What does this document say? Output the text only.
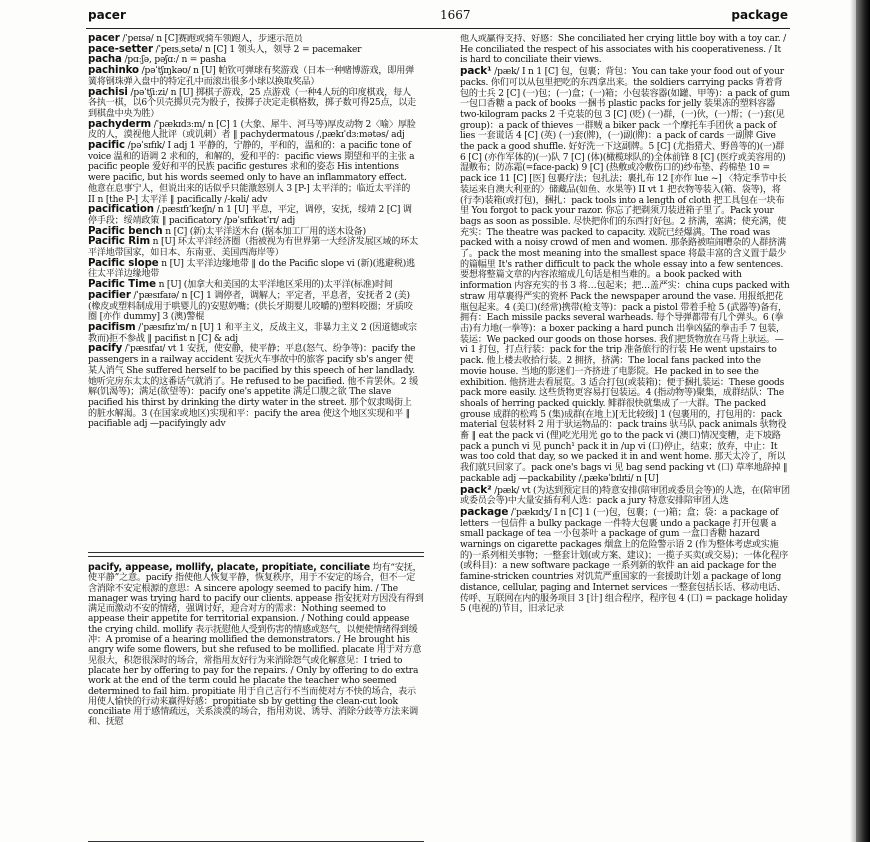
pacer	1667	package

pacer /ˈpeɪsə/ n [C]赛跑或骑车领跑人，步速示范员

pace-setter /ˈpeɪsˌsetə/ n [C] 1 领头人，领导 2 = pacemaker

pacha /pɑːʃə, pəʃɑː/ n = pasha

pachinko /pəˈtʃɪŋkəʊ/ n [U] 帕钦可弹球有奖游戏（日本一种赌博游戏，即用弹簧将钢珠弹入盘中的特定孔中而滚出很多小球以换取奖品）

pachisi /pəˈtʃiːzi/ n [U] 掷棋子游戏，25 点游戏（一种4人玩的印度棋戏，每人各执一棋，以6个贝壳掷贝壳为骰子，按掷子决定走棋格数，掷子数可得25点，以走到棋盘中央为胜）

pachyderm /ˈpækɪdɜːm/ n [C] 1 (大象、犀牛、河马等)厚皮动物 2〈喻〉厚脸皮的人，漠视他人批评（或讥刺）者 ‖ pachydermatous /ˌpækɪˈdɜːmətəs/ adj

pacific /pəˈsɪfɪk/ I adj 1 平静的，宁静的，平和的，温和的：a pacific tone of voice 温和的语调 2 求和的，和解的，爱和平的：pacific views 期望和平的主张 a pacific people 爱好和平的民族 pacific gestures 求和的姿态 His intentions were pacific, but his words seemed only to have an inflammatory effect. 他意在息事宁人，但说出来的话似乎只能激怒别人 3 [P-] 太平洋的；临近太平洋的 II n [the P-] 太平洋 ‖ pacifically /-kəli/ adv

pacification /ˌpæsɪfɪˈkeɪʃn/ n 1 [U] 平息，平定，调停，安抚，绥靖 2 [C] 调停手段；绥靖政策 ‖ pacificatory /pəˈsɪfɪkətˈrɪ/ adj

Pacific bench n [C] (新)太平洋送木台 (据本加工厂用的送木设备)

Pacific Rim n [U] 环太平洋经济圈（指被视为有世界第一大经济发展区域的环太平洋地带国家，如日本、东南亚、美国西海岸等）

Pacific slope n [U] 太平洋边缘地带 ‖ do the Pacific slope vi (新)(逃避税)逃往太平洋边缘地带

Pacific Time n [U] (加拿大和美国的太平洋地区采用的)太平洋(标准)时间

pacifier /ˈpæsɪfaɪə/ n [C] 1 调停者，调解人；平定者，平息者，安抚者 2 (美)(橡皮或塑料制成用于哄婴儿的)安慰奶嘴；(供长牙期婴儿咬嚼的)塑料咬圈；牙质咬圈 [亦作 dummy] 3 (澳)警棍

pacifism /ˈpæsɪfɪzˈm/ n [U] 1 和平主义，反战主义，非暴力主义 2 (因道德或宗教而)拒不参战 ‖ pacifist n [C] & adj

pacify /ˈpæsɪfaɪ/ vt 1 安抚，使安静，使平静；平息(怒气、纷争等)：pacify the passengers in a railway accident 安抚火车事故中的旅客 pacify sb's anger 使某人消气 She suffered herself to be pacified by this speech of her landlady. 她听完房东太太的这番话气就消了。He refused to be pacified. 他不肯罢休。2 缓解(饥渴等)；满足(欲望等)：pacify one's appetite 满足口腹之欲 The slave pacified his thirst by drinking the dirty water in the street. 那个奴隶喝街上的脏水解渴。3 (在国家或地区)实现和平：pacify the area 使这个地区实现和平 ‖ pacifiable adj —pacifyingly adv

pacify, appease, mollify, placate, propitiate, conciliate 均有“安抚，使平静”之意。pacify 指使他人恢复平静，恢复秩序，用于不安定的场合，但不一定含消除不安定根源的意思：A sincere apology seemed to pacify him. / The manager was trying hard to pacify our clients. appease 指安抚对方因没有得到满足而激动不安的情绪，强调讨好，迎合对方的需求：Nothing seemed to appease their appetite for territorial expansion. / Nothing could appease the crying child. mollify 表示抚慰他人受到伤害的情感或怒气，以便使情绪得到缓冲：A promise of a hearing mollified the demonstrators. / He brought his angry wife some flowers, but she refused to be mollified. placate 用于对方意见很大，积怨很深时的场合，常指用友好行为来消除怨气或化解意见：I tried to placate her by offering to pay for the repairs. / Only by offering to do extra work at the end of the term could he placate the teacher who seemed determined to fail him. propitiate 用于自己言行不当而使对方不快的场合，表示用使人愉快的行动来赢得好感：propitiate sb by getting the clean-cut look conciliate 用于感情疏远，关系淡漠的场合，指用劝说、诱导、消除分歧等方法来调和、抚慰

他人或赢得支持、好感：She conciliated her crying little boy with a toy car. / He conciliated the respect of his associates with his cooperativeness. / It is hard to conciliate their views.

pack¹ /pæk/ I n 1 [C] 包，包裹；背包：You can take your food out of your packs. 你们可以从包里把吃的东西拿出来。the soldiers carrying packs 背着背包的士兵 2 [C] (一)包；(一)盒；(一)箱；小包装容器(如罐、甲等)：a pack of gum 一包口香糖 a pack of books 一捆书 plastic packs for jelly 装果冻的塑料容器 two-kilogram packs 2 千克装的包 3 [C] (贬) (一)群，(一)伙，(一)帮；(一)套(见 group)：a pack of thieves 一群贼 a biker pack 一个摩托车手团伙 a pack of lies 一套谎话 4 [C] (英) (一)套(牌)，(一)副(牌)：a pack of cards 一副牌 Give the pack a good shuffle. 好好洗一下这副牌。5 [C] (尤指猎犬、野兽等的)(一)群 6 [C] (亦作军体的)(一)队 7 [C] (体)(橄榄球队的)全体前锋 8 [C] (医疗或美容用的)湿敷布；防冻霜(=face-pack) 9 [C] (热敷或冷敷伤口的)纱布垫、药棉垫 10 = pack ice 11 [C] [医] 包裹疗法；包扎法；裹扎布 12 [亦作 lue ~] 〈特定季节中长装运来自澳大利亚的〉储藏品(如鱼、水果等) II vt 1 把衣物等装入(箱、袋等)，将(行李)装箱(或打包)，捆扎：pack tools into a length of cloth 把工具包在一块布里 You forgot to pack your razor. 你忘了把剃须刀装进箱子里了。Pack your bags as soon as possible. 尽快把你们的东西打好包。2 挤满，塞满；使充满，使充实：The theatre was packed to capacity. 戏院已经爆满。The road was packed with a noisy crowd of men and women. 那条路被喧闹嘈杂的人群挤满了。pack the most meaning into the smallest space 将最丰富的含义置于最少的篇幅里 It's rather difficult to pack the whole essay into a few sentences. 要想将整篇文章的内容浓缩成几句话是相当难的。a book packed with information 内容充实的书 3 将…包起来；把…盖严实：china cups packed with straw 用草裹得严实的瓷杯 Pack the newspaper around the vase. 用报纸把花瓶包起来。4 (美口)(经常)携带(枪支等)：pack a pistol 带着手枪 5 (武器等)备有，拥有：Each missile packs several warheads. 每个导弹都带有几个弹头。6 (拳击)有力地(一拳等)：a boxer packing a hard punch 出拳凶猛的拳击手 7 包装，装运：We packed our goods on those horses. 我们把货物放在马背上驮运。—vi 1 打包，打点行装：pack for the trip 准备旅行的行装 He went upstairs to pack. 他上楼去收拾行装。2 拥挤，挤满：The local fans packed into the movie house. 当地的影迷们一齐挤进了电影院。He packed in to see the exhibition. 他挤进去看展览。3 适合打包(或装箱)；便于捆扎装运：These goods pack more easily. 这些货物更容易打包装运。4 (指动物等)聚集，成群结队：The shoals of herring packed quickly. 鲱群很快就集成了一大群。The packed grouse 成群的松鸡 5 (集)成群(在地上)[无比较级] 1 (包裹用的，打包用的：pack material 包装材料 2 用于驮运物品的：pack trains 驮马队 pack animals 驮物役畜 ‖ eat the pack vi (俚)吃光用光 go to the pack vi (澳口)情况变糟，走下坡路 pack a punch vi 见 punch¹ pack it in /up vi (口)停止，结束；放弃，中止：It was too cold that day, so we packed it in and went home. 那天太冷了，所以我们就只回家了。pack one's bags vi 见 bag send packing vt (口) 草率地辞掉 ‖ packable adj —packability /ˌpækəˈbɪlɪti/ n [U]

pack² /pæk/ vt (为达到预定目的)特意安排(陪审团或委员会等)的人选，在(陪审团或委员会等)中大量安插有利人选：pack a jury 特意安排陪审团人选

package /ˈpækɪdʒ/ I n [C] 1 (一)包，包裹；(一)箱；盒；袋：a package of letters 一包信件 a bulky package 一件特大包裹 undo a package 打开包裹 a small package of tea 一小包茶叶 a package of gum 一盒口香糖 hazard warnings on cigarette packages 烟盒上的危险警示语 2 (作为整体考虑或实施的)一系列相关事物；一整套计划(或方案、建议)；一揽子买卖(或交易)；一体化程序(或科目)：a new software package 一系列新的软件 an aid package for the famine-stricken countries 对饥荒严重国家的一套援助计划 a package of long distance, cellular, paging and Internet services 一整套包括长话、移动电话、传呼、互联网在内的服务项目 3 [计] 组合程序，程序包 4 (口) = package holiday 5 (电视的)节目，旧录记录
